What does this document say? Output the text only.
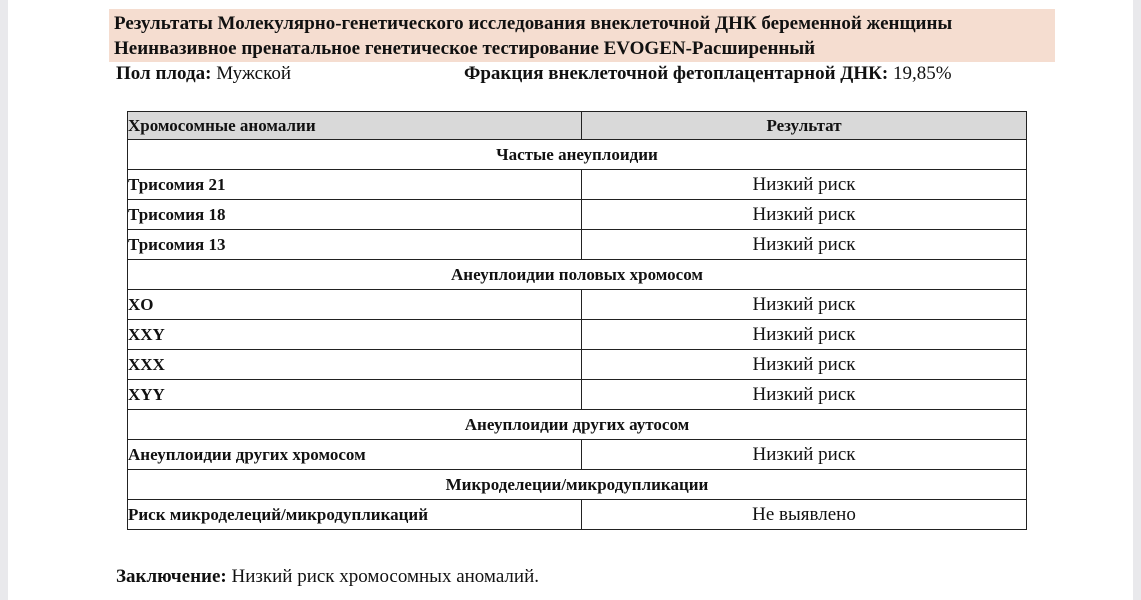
Результаты Молекулярно-генетического исследования внеклеточной ДНК беременной женщины
Неинвазивное пренатальное генетическое тестирование EVOGEN-Расширенный
Пол плода: Мужской	Фракция внеклеточной фетоплацентарной ДНК: 19,85%
Хромосомные аномалии	Результат
Частые анеуплоидии	
Трисомия 21	Низкий риск
Трисомия 18	Низкий риск
Трисомия 13	Низкий риск
Анеуплоидии половых хромосом	
XO	Низкий риск
XXY	Низкий риск
XXX	Низкий риск
XYY	Низкий риск
Анеуплоидии других аутосом	
Анеуплоидии других хромосом	Низкий риск
Микроделеции/микродупликации	
Риск микроделеций/микродупликаций	Не выявлено
Заключение: Низкий риск хромосомных аномалий.
